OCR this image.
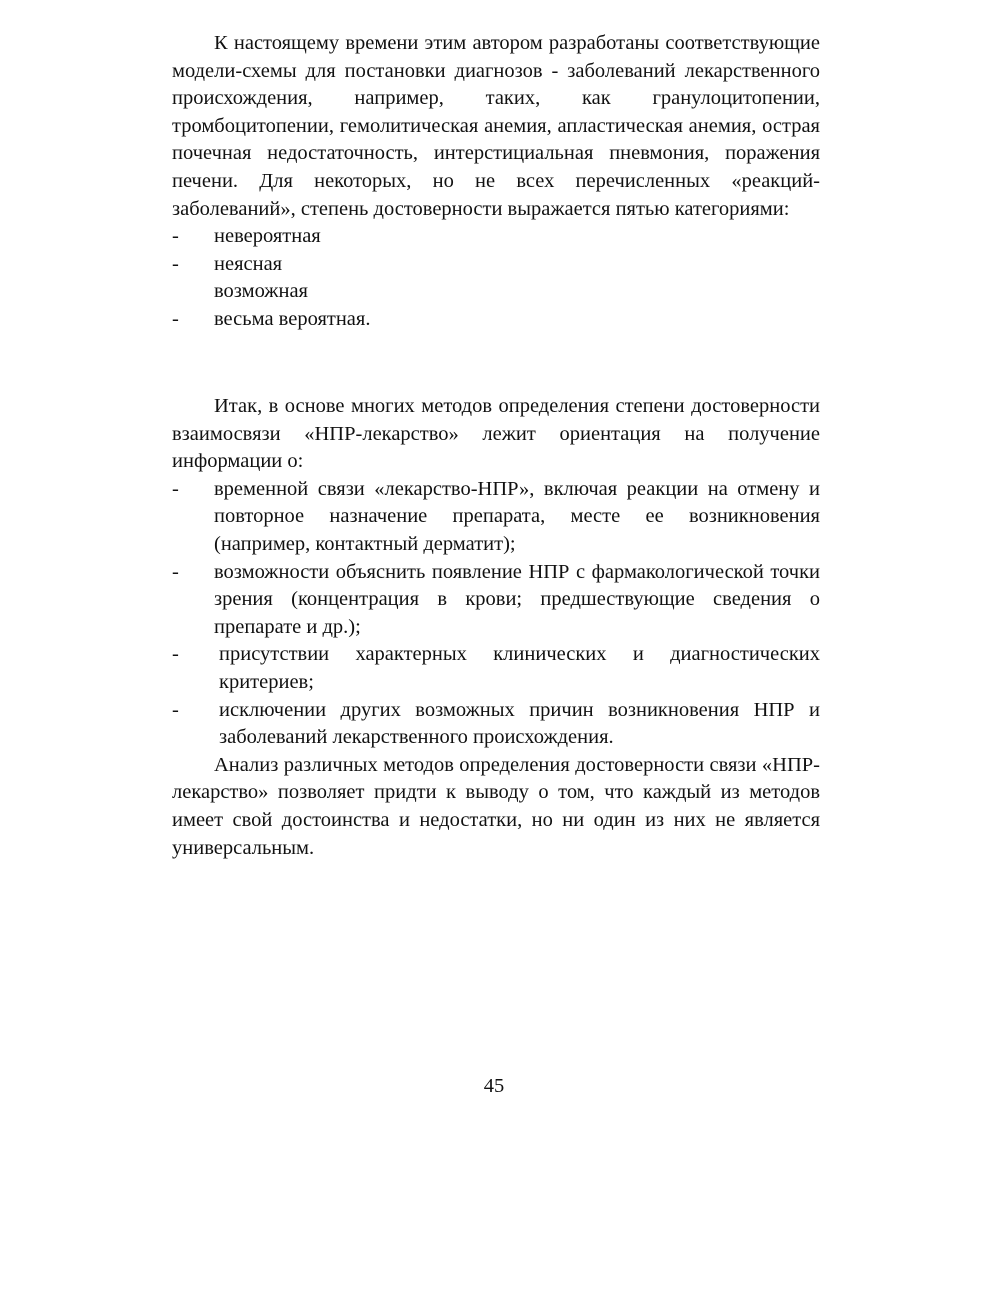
К настоящему времени этим автором разработаны соответствующие модели-схемы для постановки диагнозов - заболеваний лекарственного происхождения, например, таких, как гранулоцитопении, тромбоцитопении, гемолитическая анемия, апластическая анемия, острая почечная недостаточность, интерстициальная пневмония, поражения печени. Для некоторых, но не всех перечисленных «реакций-заболеваний», степень достоверности выражается пятью категориями:

- невероятная
- неясная
возможная
- весьма вероятная.

Итак, в основе многих методов определения степени достоверности взаимосвязи «НПР-лекарство» лежит ориентация на получение информации о:

- временной связи «лекарство-НПР», включая реакции на отмену и повторное назначение препарата, месте ее возникновения (например, контактный дерматит);
- возможности объяснить появление НПР с фармакологической точки зрения (концентрация в крови; предшествующие сведения о препарате и др.);
- присутствии характерных клинических и диагностических критериев;
- исключении других возможных причин возникновения НПР и заболеваний лекарственного происхождения.

Анализ различных методов определения достоверности связи «НПР-лекарство» позволяет придти к выводу о том, что каждый из методов имеет свой достоинства и недостатки, но ни один из них не является универсальным.

45
